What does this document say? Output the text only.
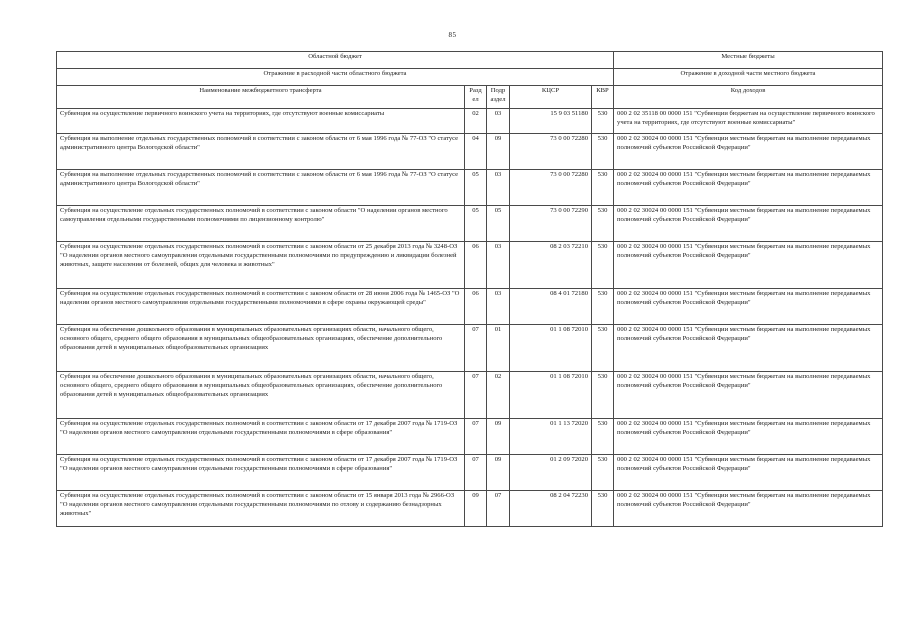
85
Областной бюджет					Местные бюджеты
Отражение в расходной части областного бюджета					Отражение в доходной части местного бюджета
Наименование межбюджетного трансферта	Разд ел	Подр аздел	КЦСР	КВР	Код доходов
Субвенция на осуществление первичного воинского учета на территориях, где отсутствуют военные комиссариаты	02	03	15 9 03 51180	530	000 2 02 35118 00 0000 151 "Субвенции бюджетам на осуществление первичного воинского учета на территориях, где отсутствуют военные комиссариаты"
Субвенция на выполнение отдельных государственных полномочий в соответствии с законом области от 6 мая 1996 года № 77-ОЗ "О статусе административного центра Вологодской области"	04	09	73 0 00 72280	530	000 2 02 30024 00 0000 151 "Субвенции местным бюджетам на выполнение передаваемых полномочий субъектов Российской Федерации"
Субвенция на выполнение отдельных государственных полномочий в соответствии с законом области от 6 мая 1996 года № 77-ОЗ "О статусе административного центра Вологодской области"	05	03	73 0 00 72280	530	000 2 02 30024 00 0000 151 "Субвенции местным бюджетам на выполнение передаваемых полномочий субъектов Российской Федерации"
Субвенция на осуществление отдельных государственных полномочий в соответствии с законом области "О наделении органов местного самоуправления отдельными государственными полномочиями по лицензионному контролю"	05	05	73 0 00 72290	530	000 2 02 30024 00 0000 151 "Субвенции местным бюджетам на выполнение передаваемых полномочий субъектов Российской Федерации"
Субвенция на осуществление отдельных государственных полномочий в соответствии с законом области от 25 декабря 2013 года № 3248-ОЗ "О наделении органов местного самоуправления отдельными государственными полномочиями по предупреждению и ликвидации болезней животных, защите населения от болезней, общих для человека и животных"	06	03	08 2 03 72210	530	000 2 02 30024 00 0000 151 "Субвенции местным бюджетам на выполнение передаваемых полномочий субъектов Российской Федерации"
Субвенция на осуществление отдельных государственных полномочий в соответствии с законом области от 28 июня 2006 года № 1465-ОЗ "О наделении органов местного самоуправления отдельными государственными полномочиями в сфере охраны окружающей среды"	06	03	08 4 01 72180	530	000 2 02 30024 00 0000 151 "Субвенции местным бюджетам на выполнение передаваемых полномочий субъектов Российской Федерации"
Субвенция на обеспечение дошкольного образования в муниципальных образовательных организациях области, начального общего, основного общего, среднего общего образования в муниципальных общеобразовательных организациях, обеспечение дополнительного образования детей в муниципальных общеобразовательных организациях	07	01	01 1 08 72010	530	000 2 02 30024 00 0000 151 "Субвенции местным бюджетам на выполнение передаваемых полномочий субъектов Российской Федерации"
Субвенция на обеспечение дошкольного образования в муниципальных образовательных организациях области, начального общего, основного общего, среднего общего образования в муниципальных общеобразовательных организациях, обеспечение дополнительного образования детей в муниципальных общеобразовательных организациях	07	02	01 1 08 72010	530	000 2 02 30024 00 0000 151 "Субвенции местным бюджетам на выполнение передаваемых полномочий субъектов Российской Федерации"
Субвенция на осуществление отдельных государственных полномочий в соответствии с законом области от 17 декабря 2007 года № 1719-ОЗ "О наделении органов местного самоуправления отдельными государственными полномочиями в сфере образования"	07	09	01 1 13 72020	530	000 2 02 30024 00 0000 151 "Субвенции местным бюджетам на выполнение передаваемых полномочий субъектов Российской Федерации"
Субвенция на осуществление отдельных государственных полномочий в соответствии с законом области от 17 декабря 2007 года № 1719-ОЗ "О наделении органов местного самоуправления отдельными государственными полномочиями в сфере образования"	07	09	01 2 09 72020	530	000 2 02 30024 00 0000 151 "Субвенции местным бюджетам на выполнение передаваемых полномочий субъектов Российской Федерации"
Субвенция на осуществление отдельных государственных полномочий в соответствии с законом области от 15 января 2013 года № 2966-ОЗ "О наделении органов местного самоуправления отдельными государственными полномочиями по отлову и содержанию безнадзорных животных"	09	07	08 2 04 72230	530	000 2 02 30024 00 0000 151 "Субвенции местным бюджетам на выполнение передаваемых полномочий субъектов Российской Федерации"
